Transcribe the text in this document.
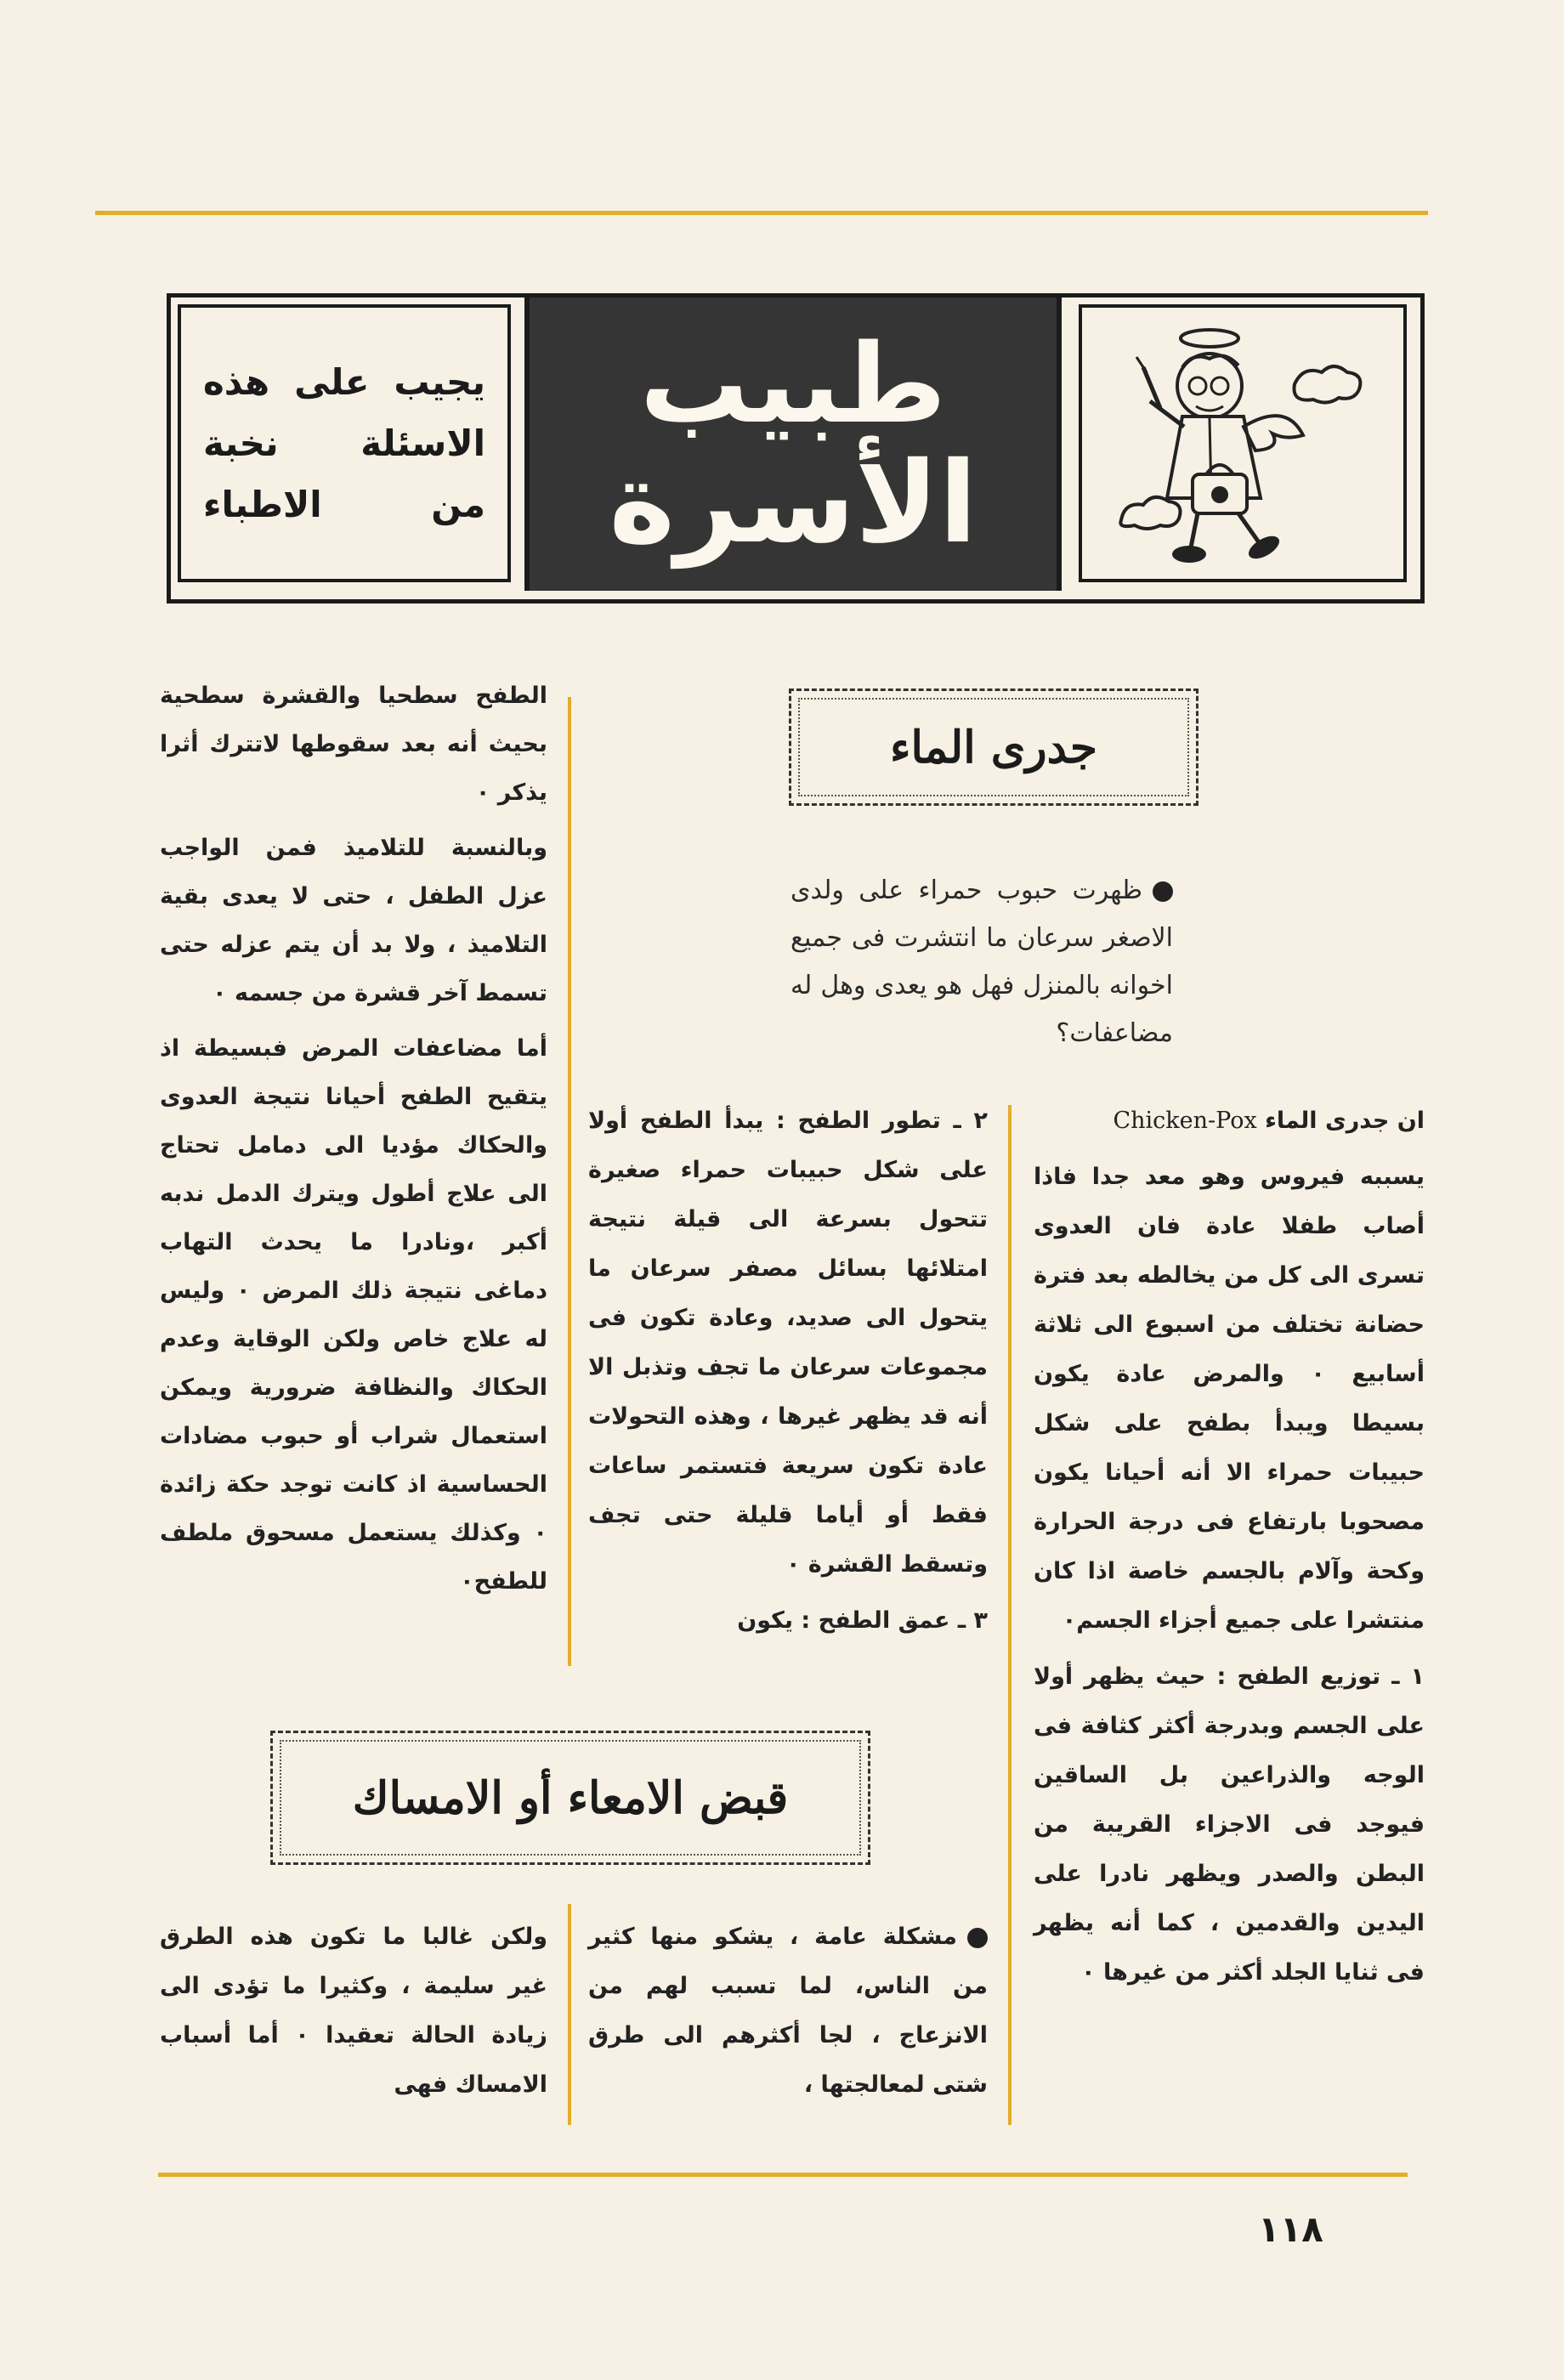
يجيب على هذه
الاسئلة نخبة
من الاطباء
طبيب
الأسرة
جدرى الماء
ظهرت حبوب حمراء على ولدى الاصغر سرعان ما انتشرت فى جميع اخوانه بالمنزل فهل هو يعدى وهل له مضاعفات؟

ان جدرى الماء Chicken-Pox

يسببه فيروس وهو معد جدا فاذا أصاب طفلا عادة فان العدوى تسرى الى كل من يخالطه بعد فترة حضانة تختلف من اسبوع الى ثلاثة أسابيع ٠ والمرض عادة يكون بسيطا ويبدأ بطفح على شكل حبيبات حمراء الا أنه أحيانا يكون مصحوبا بارتفاع فى درجة الحرارة وكحة وآلام بالجسم خاصة اذا كان منتشرا على جميع أجزاء الجسم٠

١ ـ توزيع الطفح : حيث يظهر أولا على الجسم وبدرجة أكثر كثافة فى الوجه والذراعين بل الساقين فيوجد فى الاجزاء القريبة من البطن والصدر ويظهر نادرا على اليدين والقدمين ، كما أنه يظهر فى ثنايا الجلد أكثر من غيرها ٠

٢ ـ تطور الطفح : يبدأ الطفح أولا على شكل حبيبات حمراء صغيرة تتحول بسرعة الى قيلة نتيجة امتلائها بسائل مصفر سرعان ما يتحول الى صديد، وعادة تكون فى مجموعات سرعان ما تجف وتذبل الا أنه قد يظهر غيرها ، وهذه التحولات عادة تكون سريعة فتستمر ساعات فقط أو أياما قليلة حتى تجف وتسقط القشرة ٠

٣ ـ عمق الطفح : يكون

الطفح سطحيا والقشرة سطحية بحيث أنه بعد سقوطها لاتترك أثرا يذكر ٠

وبالنسبة للتلاميذ فمن الواجب عزل الطفل ، حتى لا يعدى بقية التلاميذ ، ولا بد أن يتم عزله حتى تسمط آخر قشرة من جسمه ٠

أما مضاعفات المرض فبسيطة اذ يتقيح الطفح أحيانا نتيجة العدوى والحكاك مؤديا الى دمامل تحتاج الى علاج أطول ويترك الدمل ندبه أكبر ،ونادرا ما يحدث التهاب دماغى نتيجة ذلك المرض ٠ وليس له علاج خاص ولكن الوقاية وعدم الحكاك والنظافة ضرورية ويمكن استعمال شراب أو حبوب مضادات الحساسية اذ كانت توجد حكة زائدة ٠ وكذلك يستعمل مسحوق ملطف للطفح٠

قبض الامعاء أو الامساك

مشكلة عامة ، يشكو منها كثير من الناس، لما تسبب لهم من الانزعاج ، لجا أكثرهم الى طرق شتى لمعالجتها ،

ولكن غالبا ما تكون هذه الطرق غير سليمة ، وكثيرا ما تؤدى الى زيادة الحالة تعقيدا ٠ أما أسباب الامساك فهى

١١٨
